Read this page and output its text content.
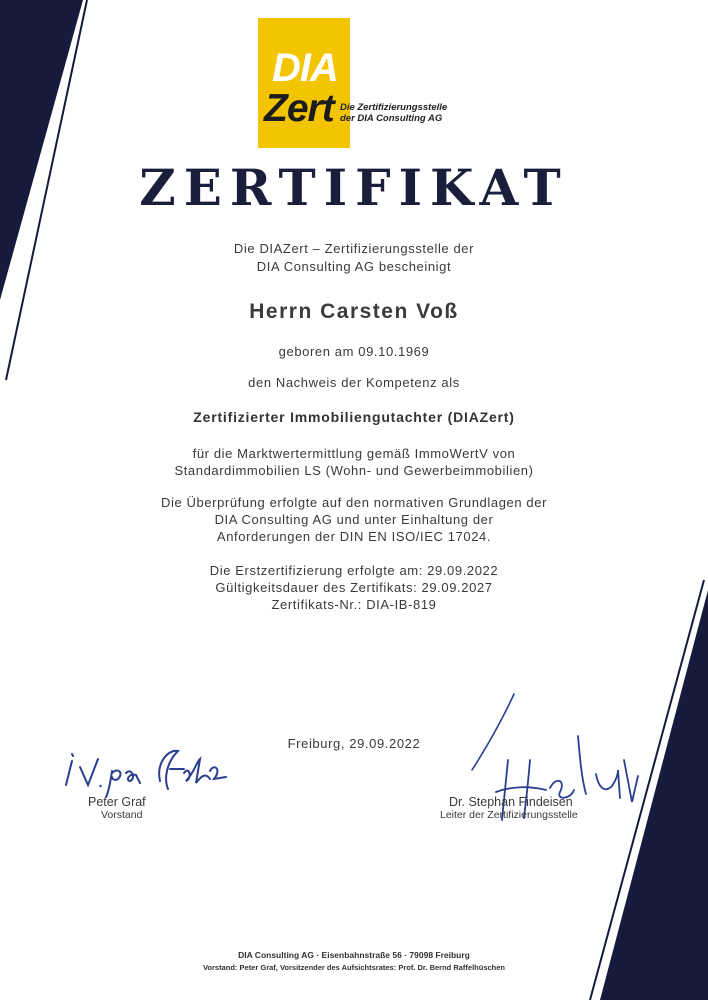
DIA
Zert Die Zertifizierungsstelle
der DIA Consulting AG
ZERTIFIKAT
Die DIAZert – Zertifizierungsstelle der
DIA Consulting AG bescheinigt
Herrn Carsten Voß
geboren am 09.10.1969
den Nachweis der Kompetenz als
Zertifizierter Immobiliengutachter (DIAZert)
für die Marktwertermittlung gemäß ImmoWertV von
Standardimmobilien LS (Wohn- und Gewerbeimmobilien)
Die Überprüfung erfolgte auf den normativen Grundlagen der
DIA Consulting AG und unter Einhaltung der
Anforderungen der DIN EN ISO/IEC 17024.
Die Erstzertifizierung erfolgte am: 29.09.2022
Gültigkeitsdauer des Zertifikats: 29.09.2027
Zertifikats-Nr.: DIA-IB-819
Freiburg, 29.09.2022
Peter Graf
Vorstand
Dr. Stephan Findeisen
Leiter der Zertifizierungsstelle
DIA Consulting AG · Eisenbahnstraße 56 · 79098 Freiburg
Vorstand: Peter Graf, Vorsitzender des Aufsichtsrates: Prof. Dr. Bernd Raffelhüschen
